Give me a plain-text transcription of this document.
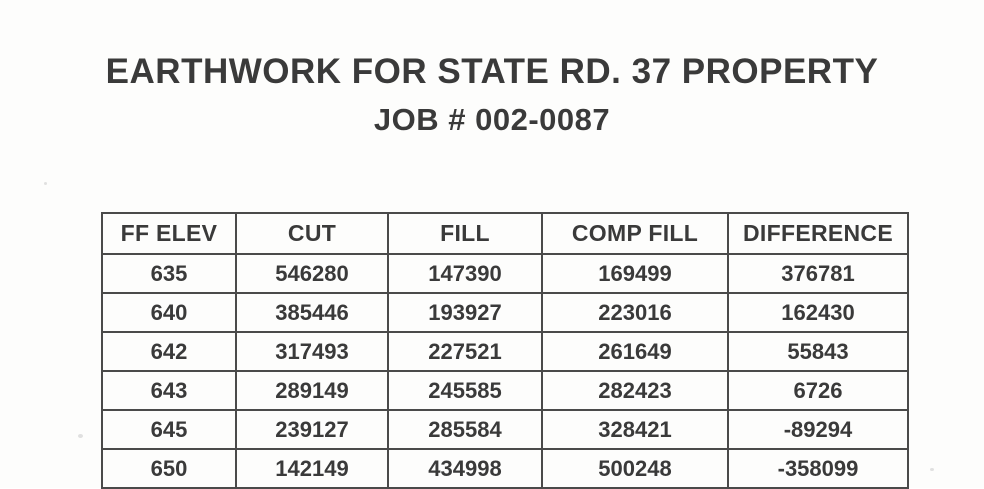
EARTHWORK FOR STATE RD. 37 PROPERTY
JOB # 002-0087
FF ELEV	CUT	FILL	COMP FILL	DIFFERENCE
635	546280	147390	169499	376781
640	385446	193927	223016	162430
642	317493	227521	261649	55843
643	289149	245585	282423	6726
645	239127	285584	328421	-89294
650	142149	434998	500248	-358099
